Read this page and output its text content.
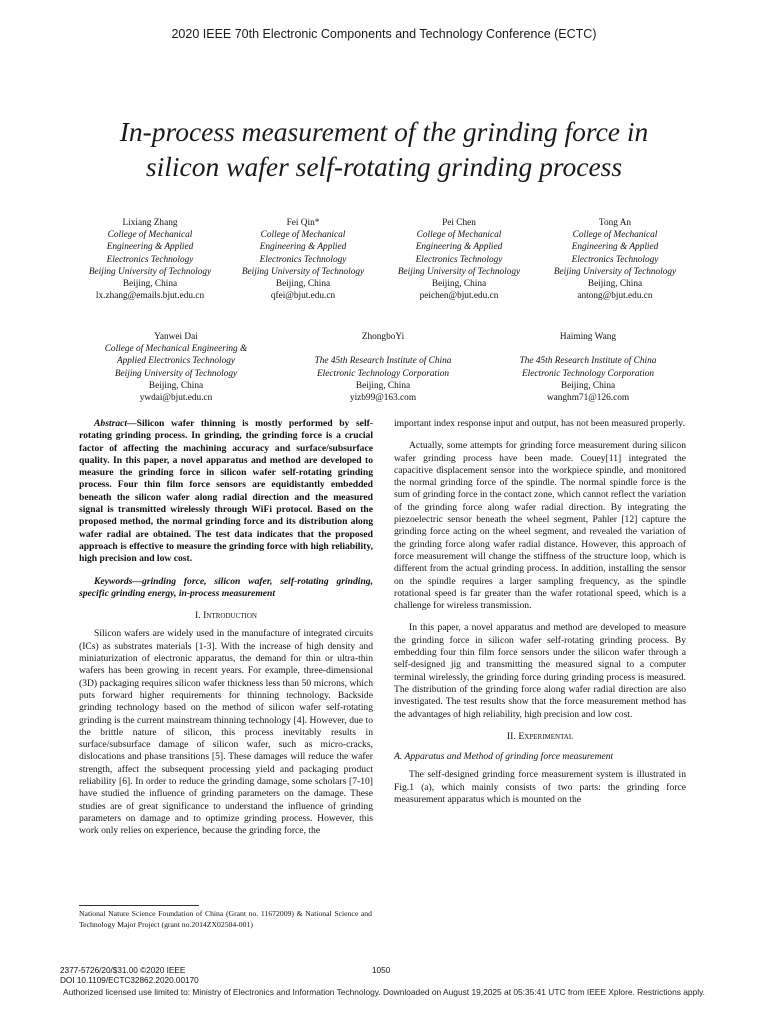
2020 IEEE 70th Electronic Components and Technology Conference (ECTC)
In-process measurement of the grinding force in
silicon wafer self-rotating grinding process
Lixiang Zhang
College of Mechanical
Engineering & Applied
Electronics Technology
Beijing University of Technology
Beijing, China
lx.zhang@emails.bjut.edu.cn
Fei Qin*
College of Mechanical
Engineering & Applied
Electronics Technology
Beijing University of Technology
Beijing, China
qfei@bjut.edu.cn
Pei Chen
College of Mechanical
Engineering & Applied
Electronics Technology
Beijing University of Technology
Beijing, China
peichen@bjut.edu.cn
Tong An
College of Mechanical
Engineering & Applied
Electronics Technology
Beijing University of Technology
Beijing, China
antong@bjut.edu.cn
Yanwei Dai
College of Mechanical Engineering &
Applied Electronics Technology
Beijing University of Technology
Beijing, China
ywdai@bjut.edu.cn
ZhongboYi
The 45th Research Institute of China
Electronic Technology Corporation
Beijing, China
yizb99@163.com
Haiming Wang
The 45th Research Institute of China
Electronic Technology Corporation
Beijing, China
wanghm71@126.com

Abstract—Silicon wafer thinning is mostly performed by self-rotating grinding process. In grinding, the grinding force is a crucial factor of affecting the machining accuracy and surface/subsurface quality. In this paper, a novel apparatus and method are developed to measure the grinding force in silicon wafer self-rotating grinding process. Four thin film force sensors are equidistantly embedded beneath the silicon wafer along radial direction and the measured signal is transmitted wirelessly through WiFi protocol. Based on the proposed method, the normal grinding force and its distribution along wafer radial are obtained. The test data indicates that the proposed approach is effective to measure the grinding force with high reliability, high precision and low cost.

Keywords—grinding force, silicon wafer, self-rotating grinding, specific grinding energy, in-process measurement

I. Introduction

Silicon wafers are widely used in the manufacture of integrated circuits (ICs) as substrates materials [1-3]. With the increase of high density and miniaturization of electronic apparatus, the demand for thin or ultra-thin wafers has been growing in recent years. For example, three-dimensional (3D) packaging requires silicon wafer thickness less than 50 microns, which puts forward higher requirements for thinning technology. Backside grinding technology based on the method of silicon wafer self-rotating grinding is the current mainstream thinning technology [4]. However, due to the brittle nature of silicon, this process inevitably results in surface/subsurface damage of silicon wafer, such as micro-cracks, dislocations and phase transitions [5]. These damages will reduce the wafer strength, affect the subsequent processing yield and packaging product reliability [6]. In order to reduce the grinding damage, some scholars [7-10] have studied the influence of grinding parameters on the damage. These studies are of great significance to understand the influence of grinding parameters on damage and to optimize grinding process. However, this work only relies on experience, because the grinding force, the

National Nature Science Foundation of China (Grant no. 11672009) & National Science and Technology Major Project (grant no.2014ZX02504-001)

important index response input and output, has not been measured properly.

Actually, some attempts for grinding force measurement during silicon wafer grinding process have been made. Couey[11] integrated the capacitive displacement sensor into the workpiece spindle, and monitored the normal grinding force of the spindle. The normal spindle force is the sum of grinding force in the contact zone, which cannot reflect the variation of the grinding force along wafer radial direction. By integrating the piezoelectric sensor beneath the wheel segment, Pahler [12] capture the grinding force acting on the wheel segment, and revealed the variation of the grinding force along wafer radial distance. However, this approach of force measurement will change the stiffness of the structure loop, which is different from the actual grinding process. In addition, installing the sensor on the spindle requires a larger sampling frequency, as the spindle rotational speed is far greater than the wafer rotational speed, which is a challenge for wireless transmission.

In this paper, a novel apparatus and method are developed to measure the grinding force in silicon wafer self-rotating grinding process. By embedding four thin film force sensors under the silicon wafer through a self-designed jig and transmitting the measured signal to a computer terminal wirelessly, the grinding force during grinding process is measured. The distribution of the grinding force along wafer radial direction are also investigated. The test results show that the force measurement method has the advantages of high reliability, high precision and low cost.

II. Experimental

A. Apparatus and Method of grinding force measurement

The self-designed grinding force measurement system is illustrated in Fig.1 (a), which mainly consists of two parts: the grinding force measurement apparatus which is mounted on the

2377-5726/20/$31.00 ©2020 IEEE
DOI 10.1109/ECTC32862.2020.00170
1050
Authorized licensed use limited to: Ministry of Electronics and Information Technology. Downloaded on August 19,2025 at 05:35:41 UTC from IEEE Xplore. Restrictions apply.
